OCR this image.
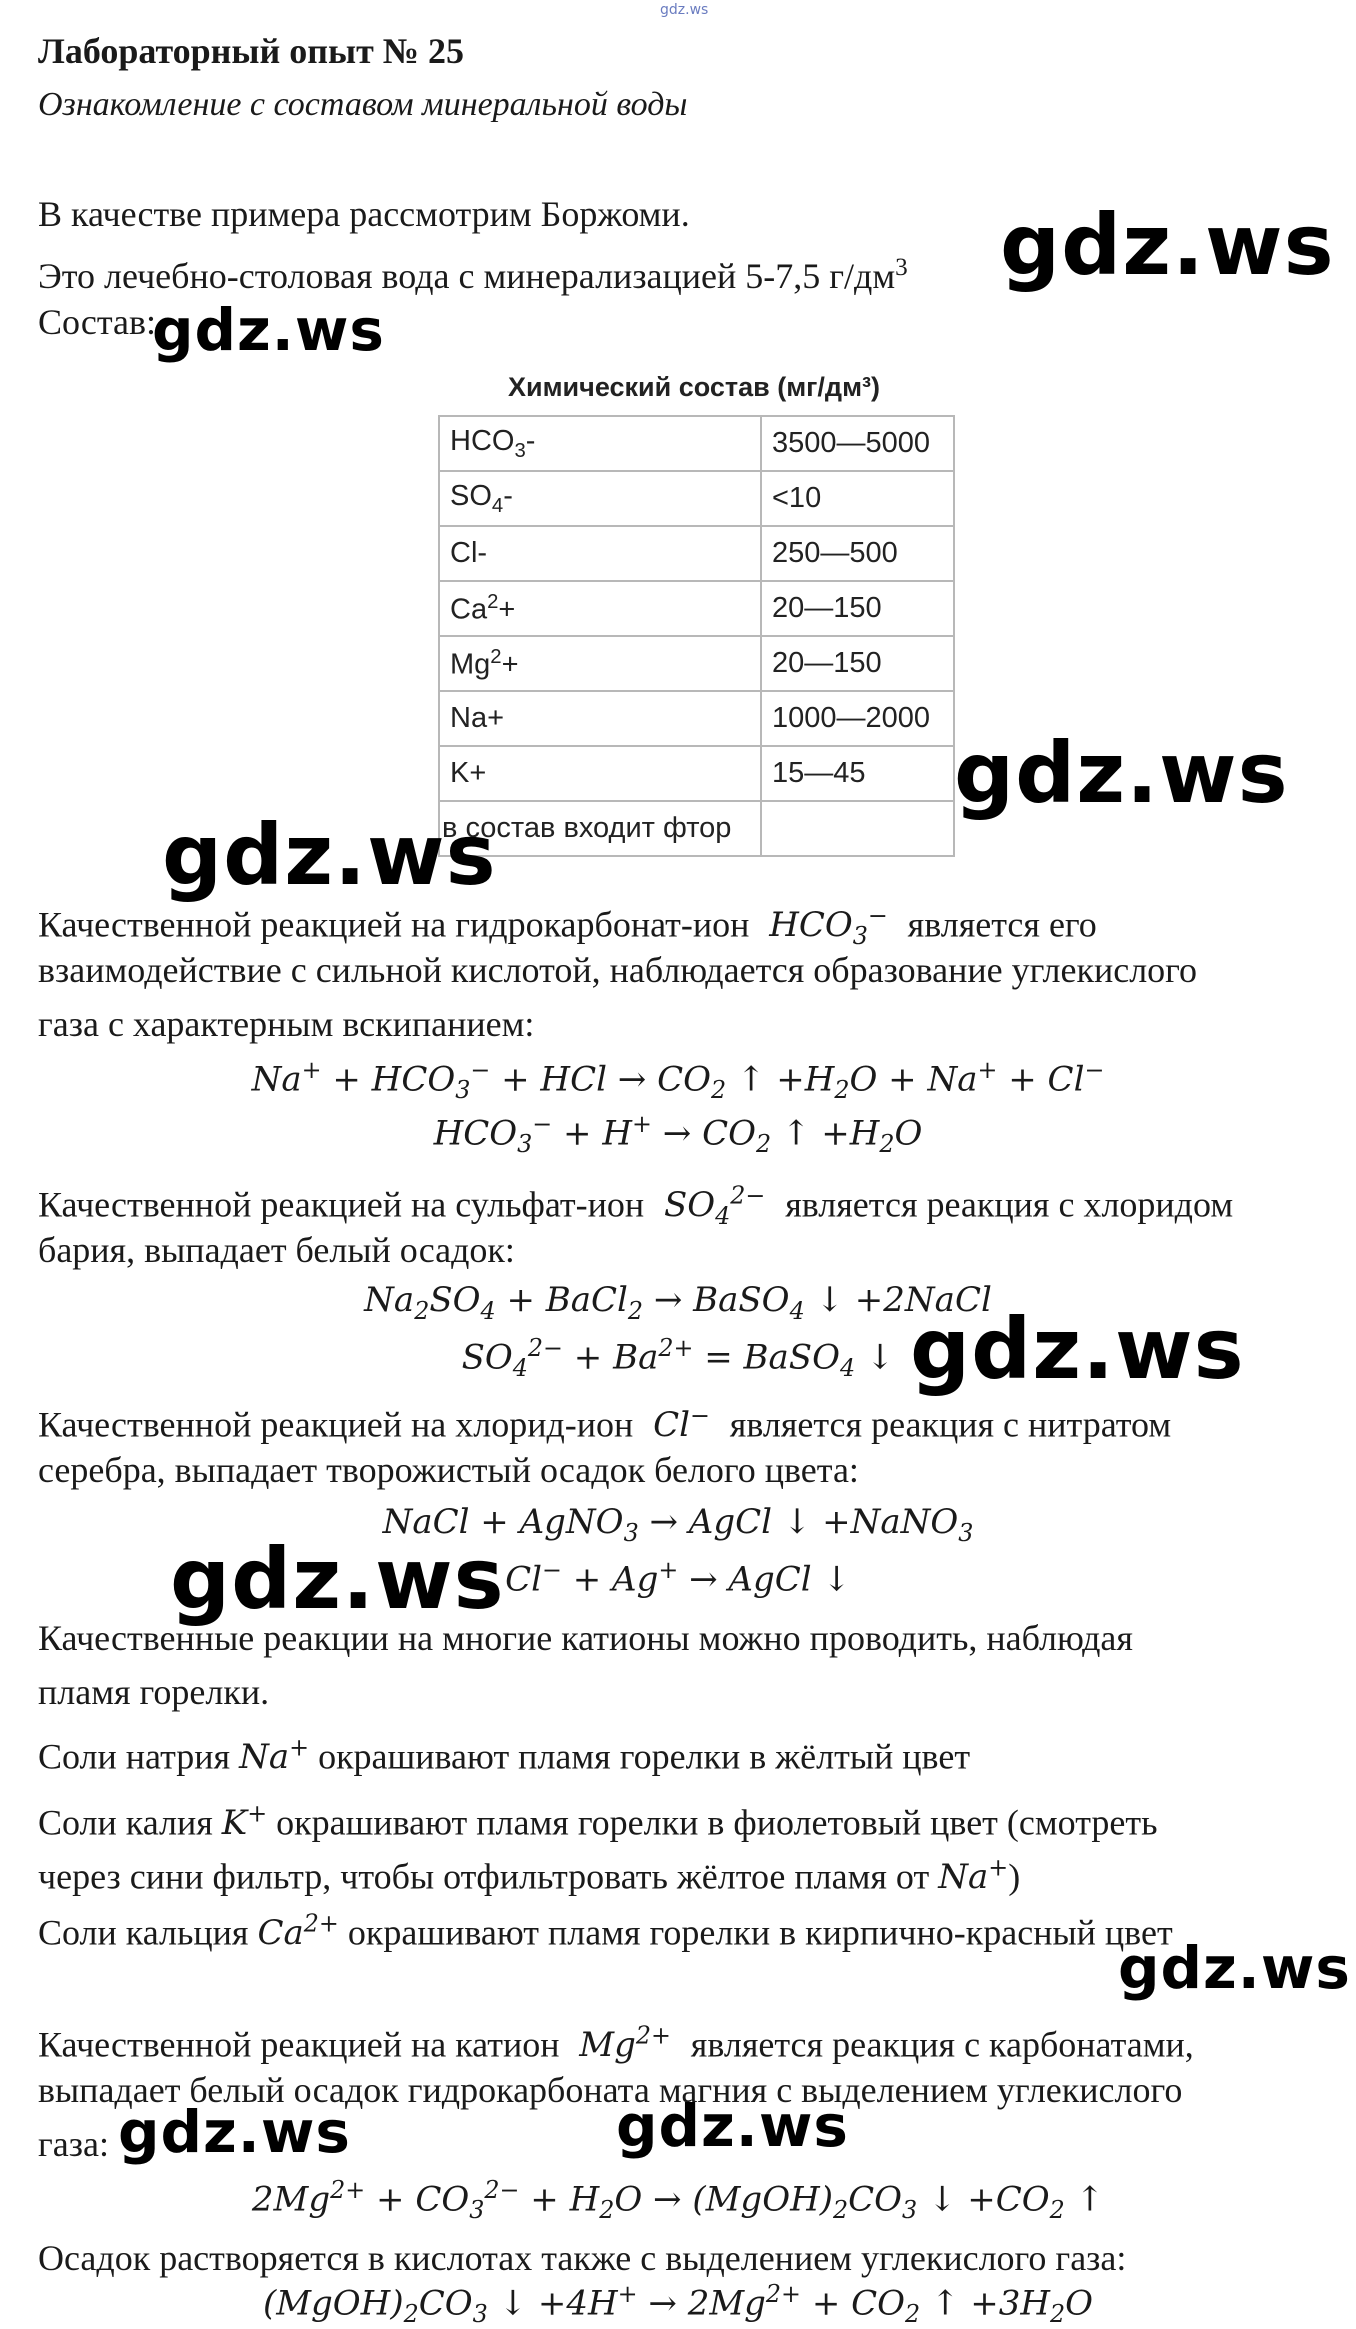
gdz.ws
Лабораторный опыт № 25
Ознакомление с составом минеральной воды
В качестве примера рассмотрим Боржоми.
Это лечебно-столовая вода с минерализацией 5-7,5 $г/дм^3$
Состав:
Химический состав (мг/дм³)
$HCO_3-$	3500—5000
$SO_4-$	<10
Cl-	250—500
$Ca^2+$	20—150
$Mg^2+$	20—150
Na+	1000—2000
K+	15—45
в состав входит фтор	
Качественной реакцией на гидрокарбонат-ион  $HCO_3^-$ является его
взаимодействие с сильной кислотой, наблюдается образование углекислого
газа с характерным вскипанием:
$Na^+ + HCO_3^-$ + HCl → $CO_2$ ↑ $+H_2O + Na^+ + Cl^-$
$HCO_3^- + H^+ \to CO_2$ ↑ $+H_2O$
Качественной реакцией на сульфат-ион  $SO_4^{2-}$ является реакция с хлоридом
бария, выпадает белый осадок:
$Na_2SO_4$ + BaCl$_2$ → BaSO$_4$ ↓ +2NaCl
$SO_4^{2-} + Ba^{2+}$ = BaSO$_4$ ↓
Качественной реакцией на хлорид-ион  Cl− является реакция с нитратом
серебра, выпадает творожистый осадок белого цвета:
NaCl + AgNO$_3$ → AgCl ↓ +NaNO$_3$
Cl− + Ag+ → AgCl ↓
Качественные реакции на многие катионы можно проводить, наблюдая
пламя горелки.
Соли натрия Na+ окрашивают пламя горелки в жёлтый цвет
Соли калия K+ окрашивают пламя горелки в фиолетовый цвет (смотреть
через сини фильтр, чтобы отфильтровать жёлтое пламя от Na+)
Соли кальция $Ca^{2+}$ окрашивают пламя горелки в кирпично-красный цвет
Качественной реакцией на катион  $Mg^{2+}$ является реакция с карбонатами,
выпадает белый осадок гидрокарбоната магния с выделением углекислого
газа:
$2Mg^{2+} + CO_3^{2-} + H_2O$ → $(MgOH)_2CO_3$ ↓ $+CO_2$ ↑
Осадок растворяется в кислотах также с выделением углекислого газа:
$(MgOH)_2CO_3$ ↓ $+4H^+ \to 2Mg^{2+} + CO_2$ ↑ $+3H_2O$
gdz.ws
gdz.ws
gdz.ws
gdz.ws
gdz.ws
gdz.ws
gdz.ws
gdz.ws	gdz.ws
